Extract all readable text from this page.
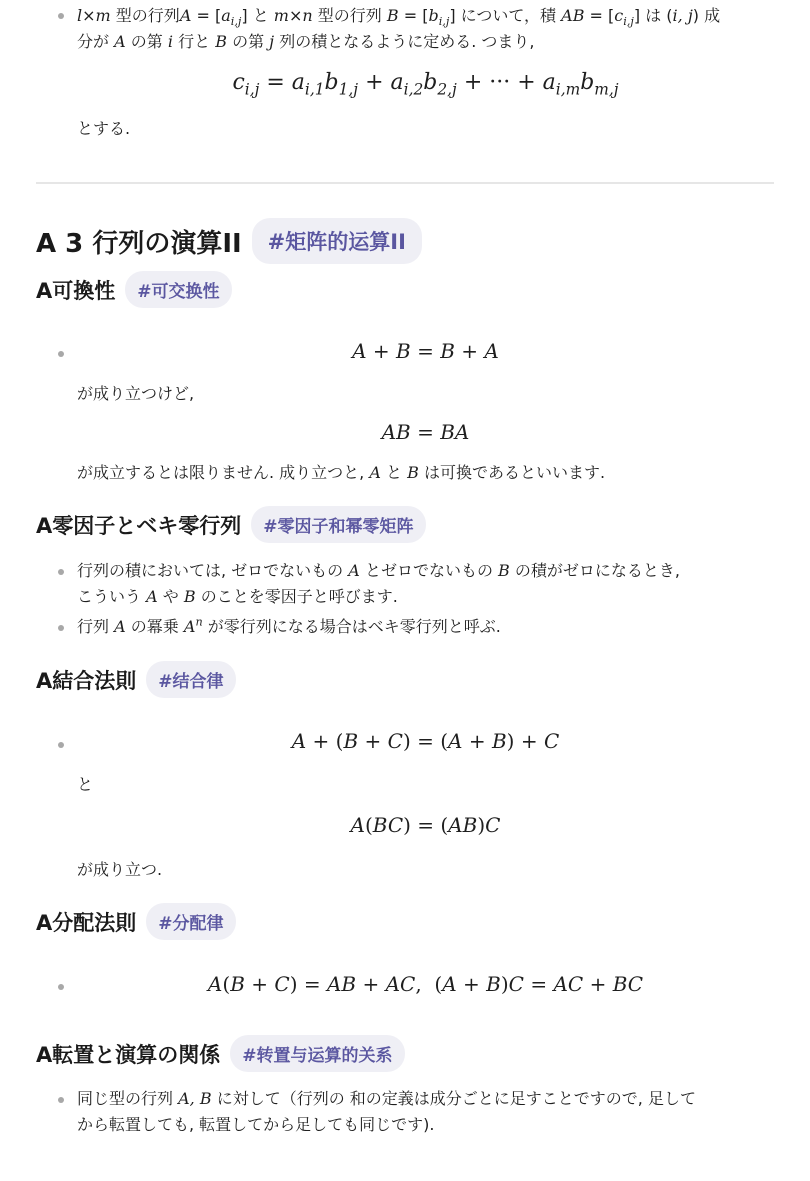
l×m 型の行列$A = [a_{i,j}]$ と m×n 型の行列 $B = [b_{i,j}]$ について，積 AB = $[c_{i,j}]$ は (i, j) 成
分が A の第 i 行と B の第 j 列の積となるように定める. つまり,
$c_{i,j} = a_{i,1}b_{1,j} + a_{i,2}b_{2,j}$ + ··· + $a_{i,m}b_{m,j}$
とする.
A 3 行列の演算II	#矩阵的运算II
A可換性	#可交换性
A + B = B + A
が成り立つけど,
AB = BA
が成立するとは限りません. 成り立つと, A と B は可換であるといいます.
A零因子とベキ零行列	#零因子和幂零矩阵
行列の積においては, ゼロでないもの A とゼロでないもの B の積がゼロになるとき,
こういう A や B のことを零因子と呼びます.
行列 A の冪乗 $A^n$ が零行列になる場合はベキ零行列と呼ぶ.
A結合法則	#结合律
A + (B + C) = (A + B) + C
と
A(BC) = (AB)C
が成り立つ.
A分配法則	#分配律
A(B + C) = AB + AC,  (A + B)C = AC + BC
A転置と演算の関係	#转置与运算的关系
同じ型の行列 A, B に対して（行列の 和の定義は成分ごとに足すことですので, 足して
から転置しても, 転置してから足しても同じです).
